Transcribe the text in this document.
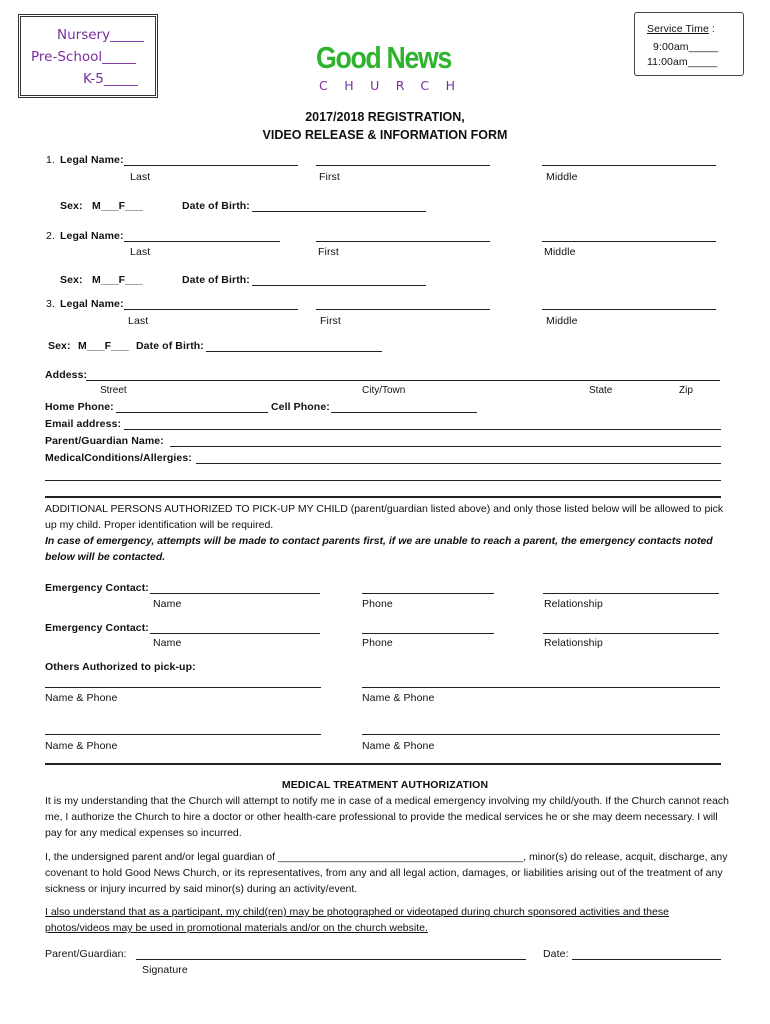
Nursery_____
Pre-School_____
K-5_____
Good News
CHURCH
Service Time :
9:00am_____
11:00am_____
2017/2018 REGISTRATION,
VIDEO RELEASE & INFORMATION FORM
1. Legal Name:
Last	First	Middle
Sex: M___F___	Date of Birth:
2. Legal Name:
Last	First	Middle
Sex: M___F___	Date of Birth:
3. Legal Name:
Last	First	Middle
Sex: M___F___ Date of Birth:
Addess:
Street	City/Town	State	Zip
Home Phone:	Cell Phone:
Email address:
Parent/Guardian Name:
MedicalConditions/Allergies:
ADDITIONAL PERSONS AUTHORIZED TO PICK-UP MY CHILD (parent/guardian listed above) and only those listed below will be allowed to pick up my child. Proper identification will be required.
In case of emergency, attempts will be made to contact parents first, if we are unable to reach a parent, the emergency contacts noted below will be contacted.
Emergency Contact:
Name	Phone	Relationship
Emergency Contact:
Name	Phone	Relationship
Others Authorized to pick-up:
Name & Phone	Name & Phone
Name & Phone	Name & Phone
MEDICAL TREATMENT AUTHORIZATION
It is my understanding that the Church will attempt to notify me in case of a medical emergency involving my child/youth. If the Church cannot reach me, I authorize the Church to hire a doctor or other health-care professional to provide the medical services he or she may deem necessary. I will pay for any medical expenses so incurred.
I, the undersigned parent and/or legal guardian of __________________________________________, minor(s) do release, acquit, discharge, any covenant to hold Good News Church, or its representatives, from any and all legal action, damages, or liabilities arising out of the treatment of any sickness or injury incurred by said minor(s) during an activity/event.
I also understand that as a participant, my child(ren) may be photographed or videotaped during church sponsored activities and these photos/videos may be used in promotional materials and/or on the church website.
Parent/Guardian:	Date:
Signature
